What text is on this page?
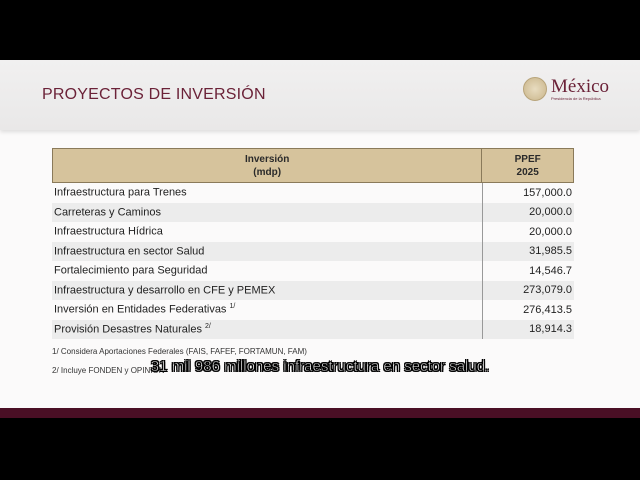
PROYECTOS DE INVERSIÓN	México
Presidencia de la República
Inversión
(mdp)
PPEF
2025
Infraestructura para Trenes	157,000.0
Carreteras y Caminos	20,000.0
Infraestructura Hídrica	20,000.0
Infraestructura en sector Salud	31,985.5
Fortalecimiento para Seguridad	14,546.7
Infraestructura y desarrollo en CFE y PEMEX	273,079.0
Inversión en Entidades Federativas $^{1/}$	276,413.5
Provisión Desastres Naturales $^{2/}$	18,914.3
1/ Considera Aportaciones Federales (FAIS, FAFEF, FORTAMUN, FAM)
2/ Incluye FONDEN y OPINION
31 mil 986 millones infraestructura en sector salud.
